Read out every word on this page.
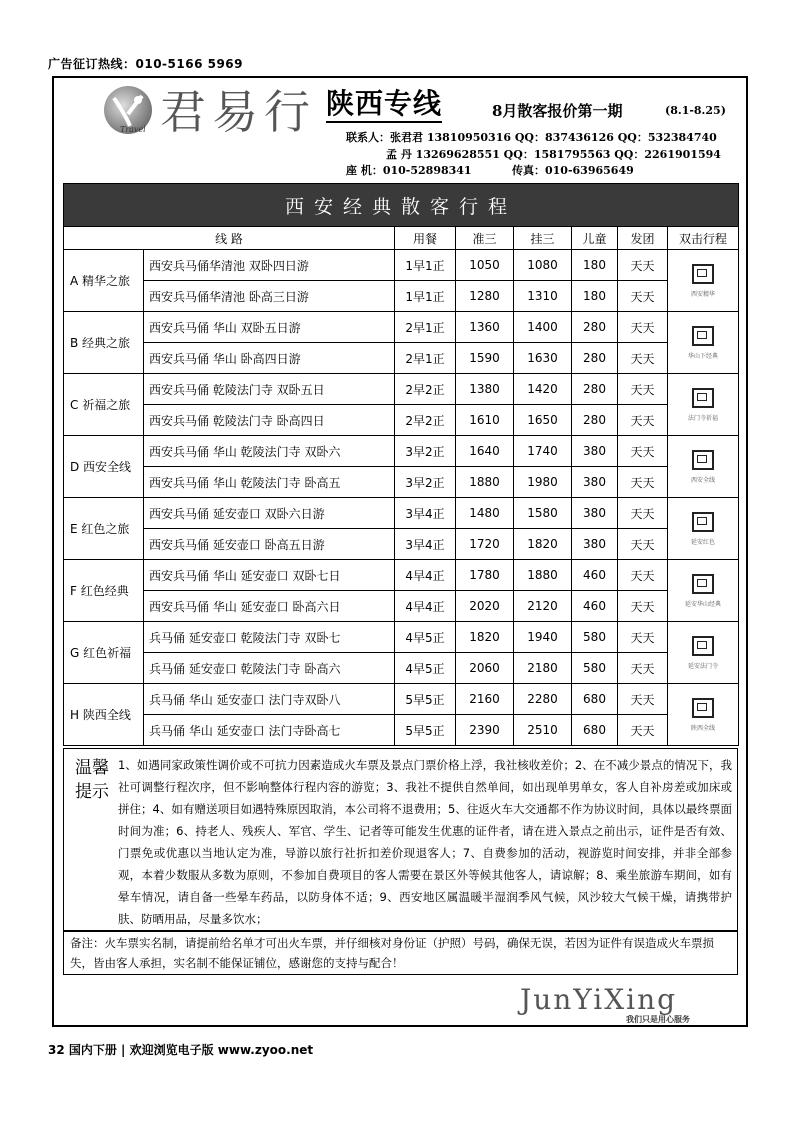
广告征订热线：010-5166 5969
Travel 君易行 陕西专线	8月散客报价第一期	(8.1-8.25)
联系人：张君君 13810950316 QQ：837436126 QQ：532384740
孟 丹 13269628551 QQ：1581795563 QQ：2261901594
座 机：010-52898341	传真：010-63965649
西安经典散客行程							
线 路		用餐	准三	挂三	儿童	发团	双击行程
A 精华之旅	西安兵马俑华清池 双卧四日游	1早1正	1050	1080	180	天天	西安精华

	西安兵马俑华清池 卧高三日游	1早1正	1280	1310	180	天天	
B 经典之旅	西安兵马俑 华山 双卧五日游	2早1正	1360	1400	280	天天	华山下经典

	西安兵马俑 华山 卧高四日游	2早1正	1590	1630	280	天天	
C 祈福之旅	西安兵马俑 乾陵法门寺 双卧五日	2早2正	1380	1420	280	天天	法门寺祈福

	西安兵马俑 乾陵法门寺 卧高四日	2早2正	1610	1650	280	天天	
D 西安全线	西安兵马俑 华山 乾陵法门寺 双卧六	3早2正	1640	1740	380	天天	西安全线

	西安兵马俑 华山 乾陵法门寺 卧高五	3早2正	1880	1980	380	天天	
E 红色之旅	西安兵马俑 延安壶口 双卧六日游	3早4正	1480	1580	380	天天	延安红色

	西安兵马俑 延安壶口 卧高五日游	3早4正	1720	1820	380	天天	
F 红色经典	西安兵马俑 华山 延安壶口 双卧七日	4早4正	1780	1880	460	天天	延安华山经典

	西安兵马俑 华山 延安壶口 卧高六日	4早4正	2020	2120	460	天天	
G 红色祈福	兵马俑 延安壶口 乾陵法门寺 双卧七	4早5正	1820	1940	580	天天	延安法门寺

	兵马俑 延安壶口 乾陵法门寺 卧高六	4早5正	2060	2180	580	天天	
H 陕西全线	兵马俑 华山 延安壶口 法门寺双卧八	5早5正	2160	2280	680	天天	陕西全线

	兵马俑 华山 延安壶口 法门寺卧高七	5早5正	2390	2510	680	天天	
温馨提示
1、如遇同家政策性调价或不可抗力因素造成火车票及景点门票价格上浮，我社核收差价；2、在不减少景点的情况下，我社可调整行程次序，但不影响整体行程内容的游览；3、我社不提供自然单间，如出现单男单女，客人自补房差或加床或拼住；4、如有赠送项目如遇特殊原因取消，本公司将不退费用；5、往返火车大交通都不作为协议时间，具体以最终票面时间为准；6、持老人、残疾人、军官、学生、记者等可能发生优惠的证件者，请在进入景点之前出示，证件是否有效、门票免或优惠以当地认定为准，导游以旅行社折扣差价现退客人；7、自费参加的活动，视游览时间安排，并非全部参观，本着少数服从多数为原则，不参加自费项目的客人需要在景区外等候其他客人，请谅解；8、乘坐旅游车期间，如有晕车情况，请自备一些晕车药品，以防身体不适；9、西安地区属温暖半湿润季风气候，风沙较大气候干燥，请携带护肤、防晒用品，尽量多饮水；
备注：火车票实名制，请提前给名单才可出火车票，并仔细核对身份证（护照）号码，确保无误，若因为证件有误造成火车票损失，皆由客人承担，实名制不能保证铺位，感谢您的支持与配合！
JunYiXing
我们只是用心服务
32 国内下册 | 欢迎浏览电子版 www.zyoo.net
